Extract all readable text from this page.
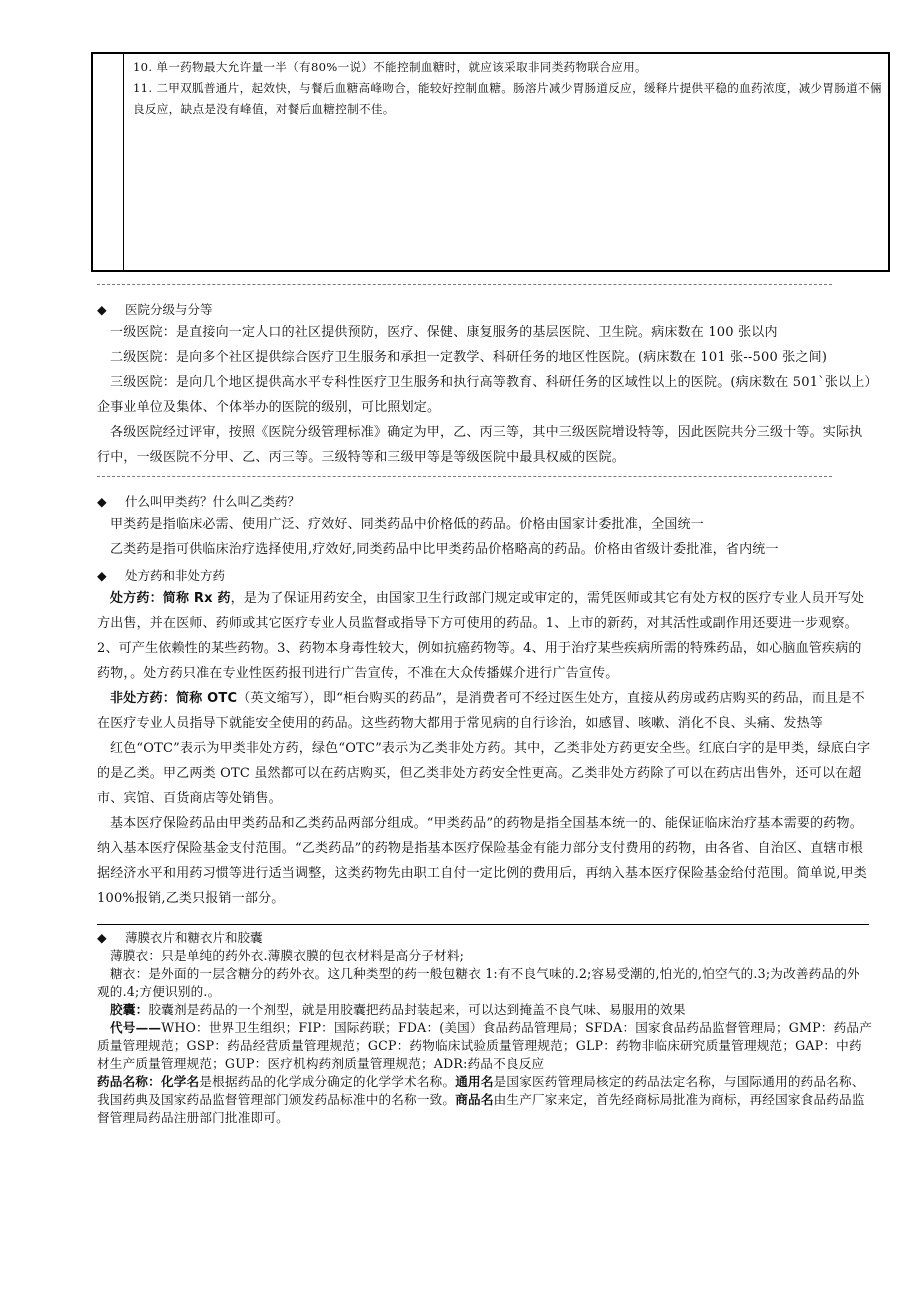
10. 单一药物最大允许量一半（有80%一说）不能控制血糖时，就应该采取非同类药物联合应用。

11. 二甲双胍普通片，起效快，与餐后血糖高峰吻合，能较好控制血糖。肠溶片减少胃肠道反应，缓释片提供平稳的血药浓度，减少胃肠道不倆良反应，缺点是没有峰值，对餐后血糖控制不佳。

◆ 医院分级与分等

一级医院：是直接向一定人口的社区提供预防，医疗、保健、康复服务的基层医院、卫生院。病床数在 100 张以内

二级医院：是向多个社区提供综合医疗卫生服务和承担一定教学、科研任务的地区性医院。(病床数在 101 张--500 张之间)

三级医院：是向几个地区提供高水平专科性医疗卫生服务和执行高等教育、科研任务的区域性以上的医院。(病床数在 501`张以上）企事业单位及集体、个体举办的医院的级别，可比照划定。

各级医院经过评审，按照《医院分级管理标准》确定为甲，乙、丙三等，其中三级医院增设特等，因此医院共分三级十等。实际执行中，一级医院不分甲、乙、丙三等。三级特等和三级甲等是等级医院中最具权威的医院。

◆ 什么叫甲类药？什么叫乙类药？

甲类药是指临床必需、使用广泛、疗效好、同类药品中价格低的药品。价格由国家计委批准，全国统一

乙类药是指可供临床治疗选择使用,疗效好,同类药品中比甲类药品价格略高的药品。价格由省级计委批准，省内统一

◆ 处方药和非处方药

处方药：简称 Rx 药，是为了保证用药安全，由国家卫生行政部门规定或审定的，需凭医师或其它有处方权的医疗专业人员开写处方出售，并在医师、药师或其它医疗专业人员监督或指导下方可使用的药品。1、上市的新药，对其活性或副作用还要进一步观察。2、可产生依赖性的某些药物。3、药物本身毒性较大，例如抗癌药物等。4、用于治疗某些疾病所需的特殊药品，如心脑血管疾病的药物，。处方药只准在专业性医药报刊进行广告宣传，不准在大众传播媒介进行广告宣传。

非处方药：简称 OTC（英文缩写），即“柜台购买的药品”，是消费者可不经过医生处方，直接从药房或药店购买的药品，而且是不在医疗专业人员指导下就能安全使用的药品。这些药物大都用于常见病的自行诊治，如感冒、咳嗽、消化不良、头痛、发热等

红色“OTC”表示为甲类非处方药，绿色“OTC”表示为乙类非处方药。其中，乙类非处方药更安全些。红底白字的是甲类，绿底白字的是乙类。甲乙两类 OTC 虽然都可以在药店购买，但乙类非处方药安全性更高。乙类非处方药除了可以在药店出售外，还可以在超市、宾馆、百货商店等处销售。

基本医疗保险药品由甲类药品和乙类药品两部分组成。“甲类药品”的药物是指全国基本统一的、能保证临床治疗基本需要的药物。纳入基本医疗保险基金支付范围。“乙类药品”的药物是指基本医疗保险基金有能力部分支付费用的药物，由各省、自治区、直辖市根据经济水平和用药习惯等进行适当调整，这类药物先由职工自付一定比例的费用后，再纳入基本医疗保险基金给付范围。简单说,甲类 100%报销,乙类只报销一部分。

◆ 薄膜衣片和糖衣片和胶囊

薄膜衣：只是单纯的药外衣.薄膜衣膜的包衣材料是高分子材料;

糖衣：是外面的一层含糖分的药外衣。这几种类型的药一般包糖衣 1:有不良气味的.2;容易受潮的,怕光的,怕空气的.3;为改善药品的外观的.4;方便识别的.。

胶囊：胶囊剂是药品的一个剂型，就是用胶囊把药品封装起来，可以达到掩盖不良气味、易服用的效果

代号——WHO：世界卫生组织；FIP：国际药联；FDA：(美国）食品药品管理局；SFDA：国家食品药品监督管理局；GMP：药品产质量管理规范；GSP：药品经营质量管理规范；GCP：药物临床试验质量管理规范；GLP：药物非临床研究质量管理规范；GAP：中药材生产质量管理规范；GUP：医疗机构药剂质量管理规范；ADR:药品不良反应

药品名称：化学名是根据药品的化学成分确定的化学学术名称。通用名是国家医药管理局核定的药品法定名称，与国际通用的药品名称、我国药典及国家药品监督管理部门颁发药品标准中的名称一致。商品名由生产厂家来定，首先经商标局批准为商标，再经国家食品药品监督管理局药品注册部门批准即可。
